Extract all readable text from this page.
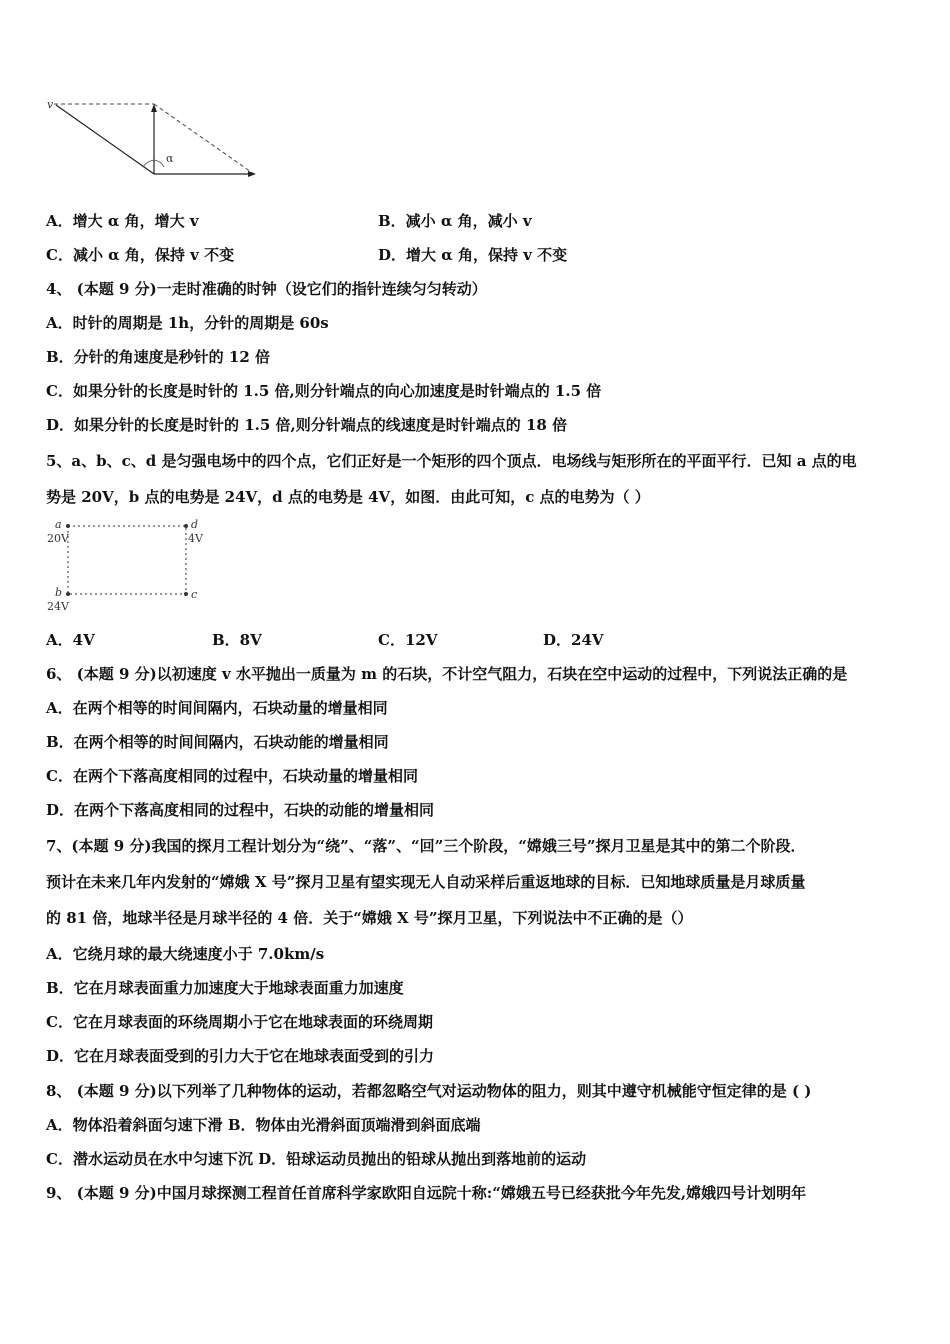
v
α
A．增大 α 角，增大 v	B．减小 α 角，减小 v
C．减小 α 角，保持 v 不变	D．增大 α 角，保持 v 不变
4、 (本题 9 分)一走时准确的时钟（设它们的指针连续匀匀转动）
A．时针的周期是 1h，分针的周期是 60s
B．分针的角速度是秒针的 12 倍
C．如果分针的长度是时针的 1.5 倍,则分针端点的向心加速度是时针端点的 1.5 倍
D．如果分针的长度是时针的 1.5 倍,则分针端点的线速度是时针端点的 18 倍
5、a、b、c、d 是匀强电场中的四个点，它们正好是一个矩形的四个顶点．电场线与矩形所在的平面平行．已知 a 点的电
势是 20V，b 点的电势是 24V，d 点的电势是 4V，如图．由此可知，c 点的电势为（ ）
a
20V
d
4V
b
24V
c
A．4V	B．8V	C．12V	D．24V
6、 (本题 9 分)以初速度 v 水平抛出一质量为 m 的石块，不计空气阻力，石块在空中运动的过程中，下列说法正确的是
A．在两个相等的时间间隔内，石块动量的增量相同
B．在两个相等的时间间隔内，石块动能的增量相同
C．在两个下落高度相同的过程中，石块动量的增量相同
D．在两个下落高度相同的过程中，石块的动能的增量相同
7、(本题 9 分)我国的探月工程计划分为“绕”、“落”、“回”三个阶段，“嫦娥三号”探月卫星是其中的第二个阶段．
预计在未来几年内发射的“嫦娥 X 号”探月卫星有望实现无人自动采样后重返地球的目标．已知地球质量是月球质量
的 81 倍，地球半径是月球半径的 4 倍．关于“嫦娥 X 号”探月卫星，下列说法中不正确的是（）
A．它绕月球的最大绕速度小于 7.0km/s
B．它在月球表面重力加速度大于地球表面重力加速度
C．它在月球表面的环绕周期小于它在地球表面的环绕周期
D．它在月球表面受到的引力大于它在地球表面受到的引力
8、 (本题 9 分)以下列举了几种物体的运动，若都忽略空气对运动物体的阻力，则其中遵守机械能守恒定律的是 ( )
A．物体沿着斜面匀速下滑 B．物体由光滑斜面顶端滑到斜面底端
C．潜水运动员在水中匀速下沉 D．铅球运动员抛出的铅球从抛出到落地前的运动
9、 (本题 9 分)中国月球探测工程首任首席科学家欧阳自远院十称:“嫦娥五号已经获批今年先发,嫦娥四号计划明年
